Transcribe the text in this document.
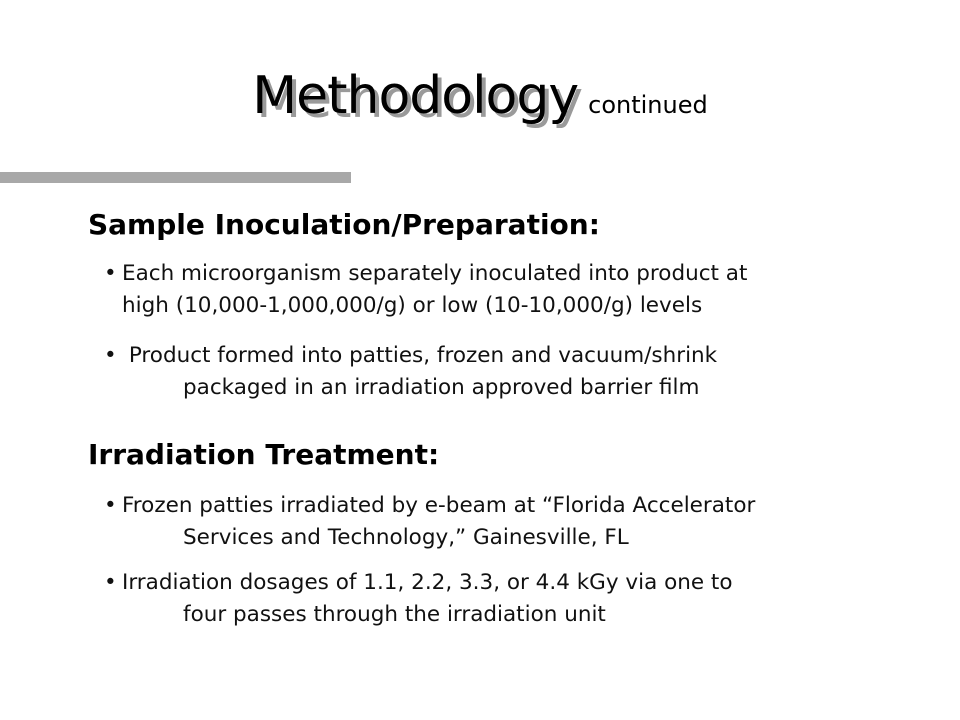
Methodology continued
Sample Inoculation/Preparation:
• Each microorganism separately inoculated into product at
high (10,000-1,000,000/g) or low (10-10,000/g) levels
• Product formed into patties, frozen and vacuum/shrink
packaged in an irradiation approved barrier film
Irradiation Treatment:
• Frozen patties irradiated by e-beam at “Florida Accelerator
Services and Technology,” Gainesville, FL
• Irradiation dosages of 1.1, 2.2, 3.3, or 4.4 kGy via one to
four passes through the irradiation unit
